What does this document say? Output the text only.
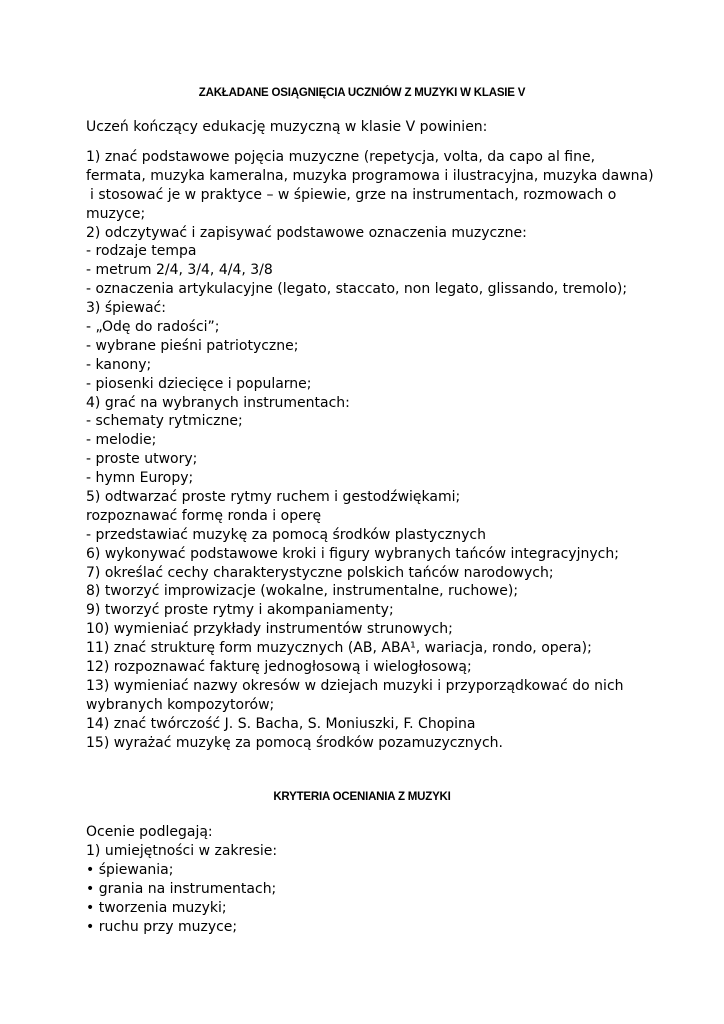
ZAKŁADANE OSIĄGNIĘCIA UCZNIÓW Z MUZYKI W KLASIE V
Uczeń kończący edukację muzyczną w klasie V powinien:
1) znać podstawowe pojęcia muzyczne (repetycja, volta, da capo al fine,
fermata, muzyka kameralna, muzyka programowa i ilustracyjna, muzyka dawna)
i stosować je w praktyce – w śpiewie, grze na instrumentach, rozmowach o
muzyce;
2) odczytywać i zapisywać podstawowe oznaczenia muzyczne:
- rodzaje tempa
- metrum 2/4, 3/4, 4/4, 3/8
- oznaczenia artykulacyjne (legato, staccato, non legato, glissando, tremolo);
3) śpiewać:
- „Odę do radości”;
- wybrane pieśni patriotyczne;
- kanony;
- piosenki dziecięce i popularne;
4) grać na wybranych instrumentach:
- schematy rytmiczne;
- melodie;
- proste utwory;
- hymn Europy;
5) odtwarzać proste rytmy ruchem i gestodźwiękami;
rozpoznawać formę ronda i operę
- przedstawiać muzykę za pomocą środków plastycznych
6) wykonywać podstawowe kroki i figury wybranych tańców integracyjnych;
7) określać cechy charakterystyczne polskich tańców narodowych;
8) tworzyć improwizacje (wokalne, instrumentalne, ruchowe);
9) tworzyć proste rytmy i akompaniamenty;
10) wymieniać przykłady instrumentów strunowych;
11) znać strukturę form muzycznych (AB, ABA¹, wariacja, rondo, opera);
12) rozpoznawać fakturę jednogłosową i wielogłosową;
13) wymieniać nazwy okresów w dziejach muzyki i przyporządkować do nich
wybranych kompozytorów;
14) znać twórczość J. S. Bacha, S. Moniuszki, F. Chopina
15) wyrażać muzykę za pomocą środków pozamuzycznych.
KRYTERIA OCENIANIA Z MUZYKI
Ocenie podlegają:
1) umiejętności w zakresie:
• śpiewania;
• grania na instrumentach;
• tworzenia muzyki;
• ruchu przy muzyce;
